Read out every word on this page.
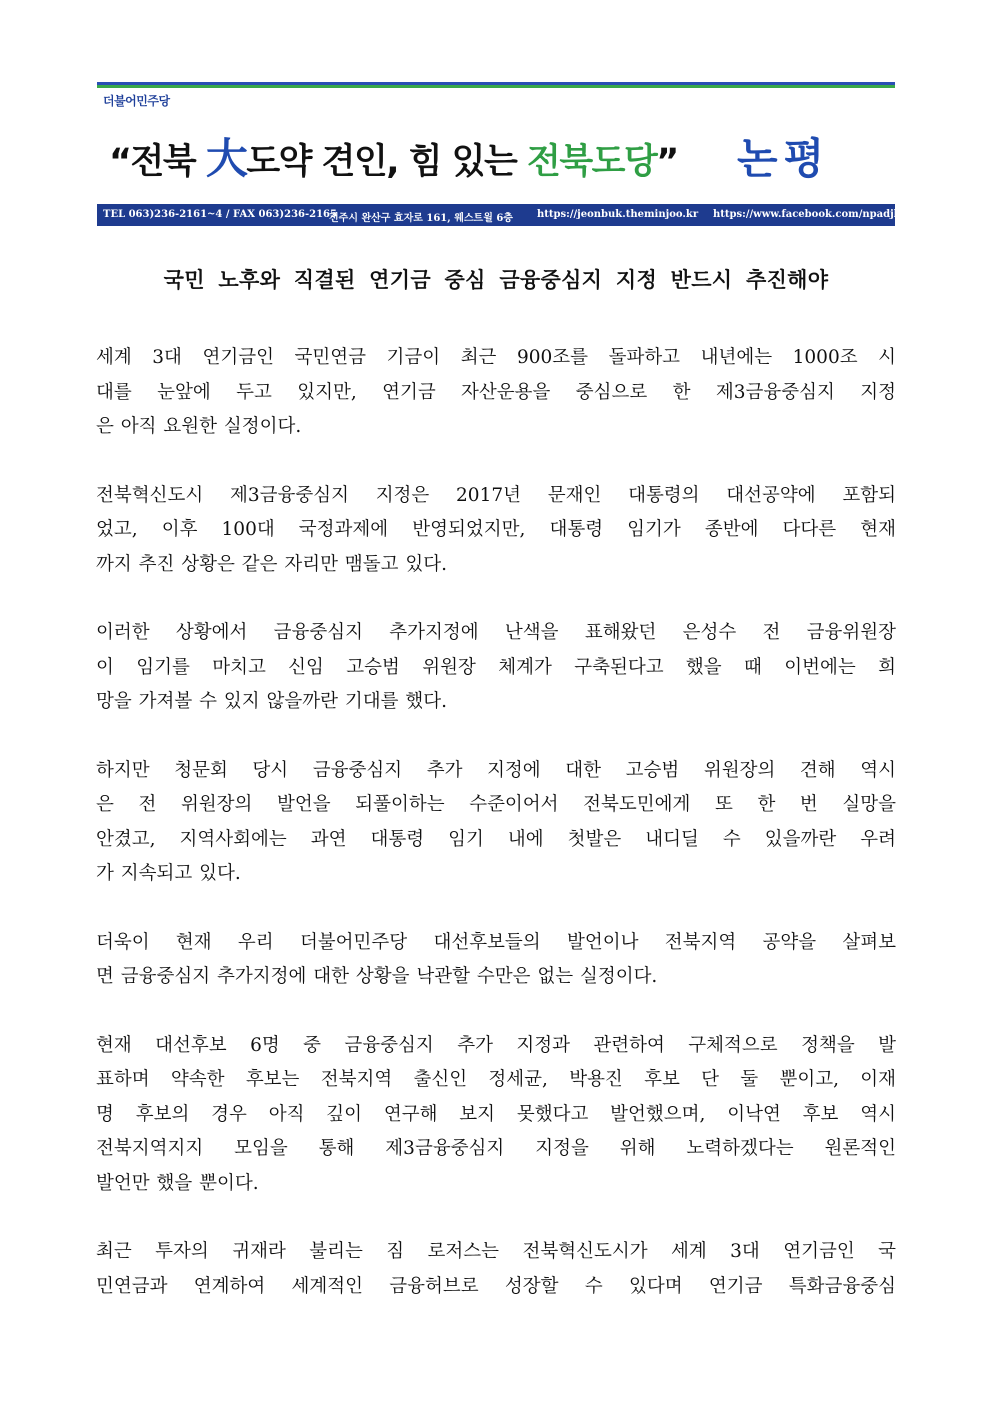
더불어민주당
“전북 大도약 견인, 힘 있는 전북도당” 논평
TEL 063)236-2161~4 / FAX 063)236-2165
전주시 완산구 효자로 161, 웨스트윌 6층 https://jeonbuk.theminjoo.kr https://www.facebook.com/npadjb
국민 노후와 직결된 연기금 중심 금융중심지 지정 반드시 추진해야

세계 3대 연기금인 국민연금 기금이 최근 900조를 돌파하고 내년에는 1000조 시
대를 눈앞에 두고 있지만, 연기금 자산운용을 중심으로 한 제3금융중심지 지정
은 아직 요원한 실정이다.

전북혁신도시 제3금융중심지 지정은 2017년 문재인 대통령의 대선공약에 포함되
었고, 이후 100대 국정과제에 반영되었지만, 대통령 임기가 종반에 다다른 현재
까지 추진 상황은 같은 자리만 맴돌고 있다.

이러한 상황에서 금융중심지 추가지정에 난색을 표해왔던 은성수 전 금융위원장
이 임기를 마치고 신임 고승범 위원장 체계가 구축된다고 했을 때 이번에는 희
망을 가져볼 수 있지 않을까란 기대를 했다.

하지만 청문회 당시 금융중심지 추가 지정에 대한 고승범 위원장의 견해 역시
은 전 위원장의 발언을 되풀이하는 수준이어서 전북도민에게 또 한 번 실망을
안겼고, 지역사회에는 과연 대통령 임기 내에 첫발은 내디딜 수 있을까란 우려
가 지속되고 있다.

더욱이 현재 우리 더불어민주당 대선후보들의 발언이나 전북지역 공약을 살펴보
면 금융중심지 추가지정에 대한 상황을 낙관할 수만은 없는 실정이다.

현재 대선후보 6명 중 금융중심지 추가 지정과 관련하여 구체적으로 정책을 발
표하며 약속한 후보는 전북지역 출신인 정세균, 박용진 후보 단 둘 뿐이고, 이재
명 후보의 경우 아직 깊이 연구해 보지 못했다고 발언했으며, 이낙연 후보 역시
전북지역지지 모임을 통해 제3금융중심지 지정을 위해 노력하겠다는 원론적인
발언만 했을 뿐이다.

최근 투자의 귀재라 불리는 짐 로저스는 전북혁신도시가 세계 3대 연기금인 국
민연금과 연계하여 세계적인 금융허브로 성장할 수 있다며 연기금 특화금융중심
